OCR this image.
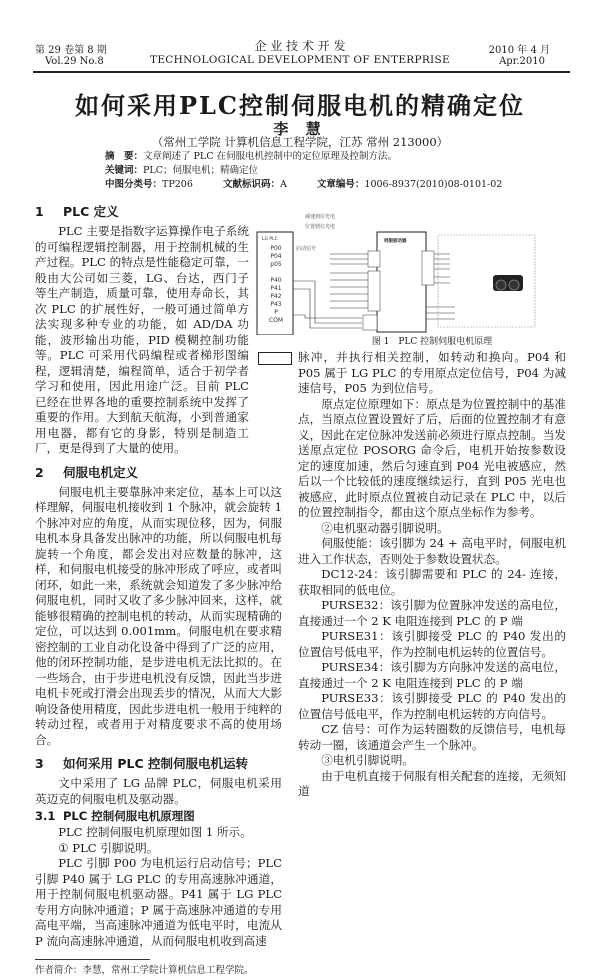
第 29 卷第 8 期
Vol.29 No.8
企 业 技 术 开 发
TECHNOLOGICAL DEVELOPMENT OF ENTERPRISE
2010 年 4 月
Apr.2010
如何采用PLC控制伺服电机的精确定位
李 慧
（常州工学院 计算机信息工程学院，江苏 常州 213000）
摘　要：文章阐述了 PLC 在伺服电机控制中的定位原理及控制方法。
关键词：PLC；伺服电机；精确定位
中图分类号：TP206	文献标识码：A	文章编号：1006-8937(2010)08-0101-02
1 PLC 定义

PLC 主要是指数字运算操作电子系统的可编程逻辑控制器，用于控制机械的生产过程。PLC 的特点是性能稳定可靠，一般由大公司如三菱，LG、台达，西门子等生产制造，质量可靠，使用寿命长，其次 PLC 的扩展性好，一般可通过简单方法实现多种专业的功能，如 AD/DA 功能，波形输出功能，PID 模糊控制功能等。PLC 可采用代码编程或者梯形图编程，逻辑清楚，编程简单，适合于初学者学习和使用，因此用途广泛。目前 PLC 已经在世界各地的重要控制系统中发挥了重要的作用。大到航天航海，小到普通家用电器，都有它的身影，特别是制造工厂，更是得到了大量的使用。

2 伺服电机定义

伺服电机主要靠脉冲来定位，基本上可以这样理解，伺服电机接收到 1 个脉冲，就会旋转 1 个脉冲对应的角度，从而实现位移，因为，伺服电机本身具备发出脉冲的功能，所以伺服电机每旋转一个角度，都会发出对应数量的脉冲，这样，和伺服电机接受的脉冲形成了呼应，或者叫闭环，如此一来，系统就会知道发了多少脉冲给伺服电机，同时又收了多少脉冲回来，这样，就能够很精确的控制电机的转动，从而实现精确的定位，可以达到 0.001mm。伺服电机在要求精密控制的工业自动化设备中得到了广泛的应用，他的闭环控制功能，是步进电机无法比拟的。在一些场合，由于步进电机没有反馈，因此当步进电机卡死或打滑会出现丢步的情况，从而大大影响设备使用精度，因此步进电机一般用于纯粹的转动过程，或者用于对精度要求不高的使用场合。

3 如何采用 PLC 控制伺服电机运转

文中采用了 LG 品牌 PLC，伺服电机采用英迈克的伺服电机及驱动器。

3.1 PLC 控制伺服电机原理图

PLC 控制伺服电机原理如图 1 所示。

① PLC 引脚说明。

PLC 引脚 P00 为电机运行启动信号；PLC 引脚 P40 属于 LG PLC 的专用高速脉冲通道，用于控制伺服电机驱动器。P41 属于 LG PLC 专用方向脉冲通道；P 属于高速脉冲通道的专用高电平端，当高速脉冲通道为低电平时，电流从 P 流向高速脉冲通道，从而伺服电机收到高速

作者简介：李慧，常州工学院计算机信息工程学院。
减速到位光电
位置到位光电
LG PLC
P00
P04
p05
P40
P41
P42
P43
P
COM
启动信号
伺服驱动器
图 1　PLC 控制伺服电机原理

脉冲，并执行相关控制，如转动和换向。P04 和 P05 属于 LG PLC 的专用原点定位信号，P04 为减速信号，P05 为到位信号。

原点定位原理如下：原点是为位置控制中的基准点，当原点位置设置好了后，后面的位置控制才有意义，因此在定位脉冲发送前必须进行原点控制。当发送原点定位 POSORG 命令后，电机开始按参数设定的速度加速，然后匀速直到 P04 光电被感应，然后以一个比较低的速度继续运行，直到 P05 光电也被感应，此时原点位置被自动记录在 PLC 中，以后的位置控制指令，都由这个原点坐标作为参考。

②电机驱动器引脚说明。

伺服使能：该引脚为 24 + 高电平时，伺服电机进入工作状态，否则处于参数设置状态。

DC12-24：该引脚需要和 PLC 的 24- 连接，获取相同的低电位。

PURSE32：该引脚为位置脉冲发送的高电位，直接通过一个 2 K 电阻连接到 PLC 的 P 端

PURSE31：该引脚接受 PLC 的 P40 发出的位置信号低电平，作为控制电机运转的位置信号。

PURSE34：该引脚为方向脉冲发送的高电位，直接通过一个 2 K 电阻连接到 PLC 的 P 端

PURSE33：该引脚接受 PLC 的 P40 发出的位置信号低电平，作为控制电机运转的方向信号。

CZ 信号：可作为运转圈数的反馈信号，电机每转动一圈，该通道会产生一个脉冲。

③电机引脚说明。

由于电机直接于伺服有相关配套的连接，无须知道
